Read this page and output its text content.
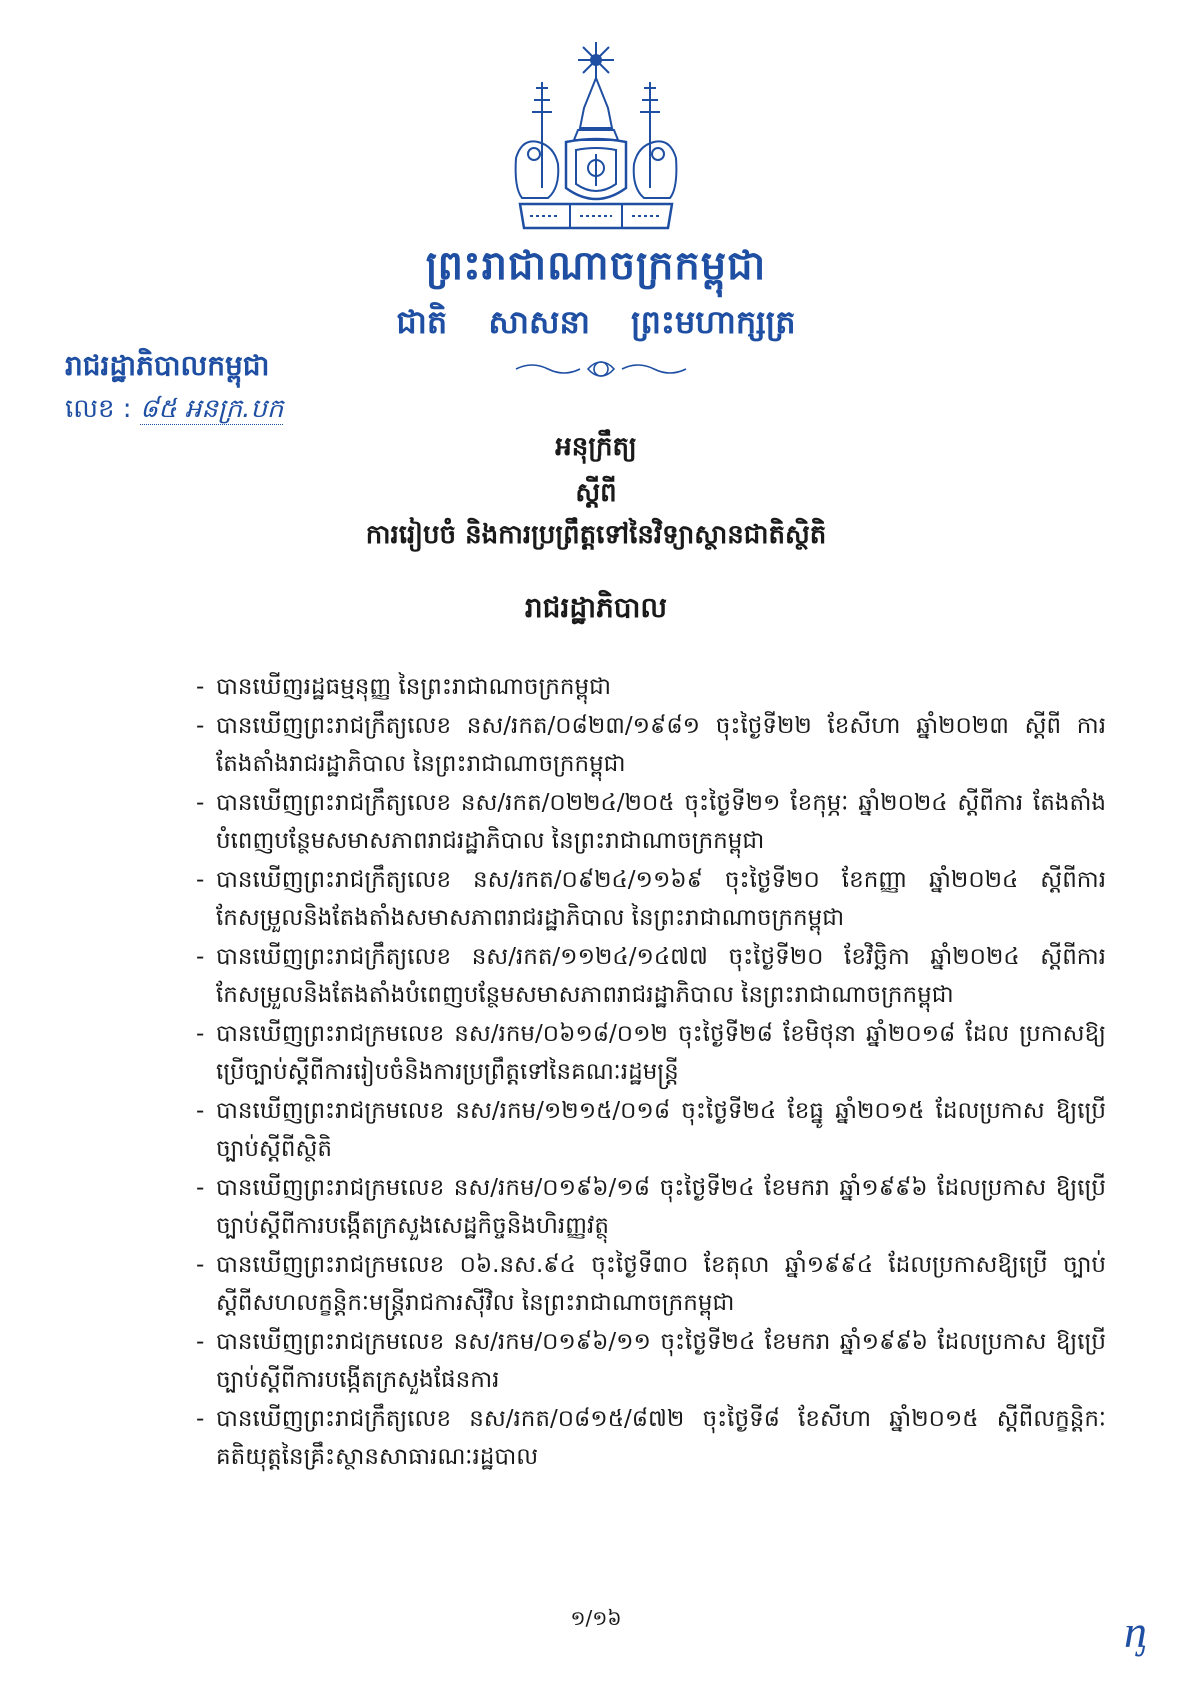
ព្រះរាជាណាចក្រកម្ពុជា
ជាតិ សាសនា ព្រះមហាក្សត្រ
រាជរដ្ឋាភិបាលកម្ពុជា
លេខ : ៨៥ អនក្រ.បក
អនុក្រឹត្យ
ស្តីពី
ការរៀបចំ និងការប្រព្រឹត្តទៅនៃវិទ្យាស្ថានជាតិស្ថិតិ
រាជរដ្ឋាភិបាល
- បានឃើញរដ្ឋធម្មនុញ្ញ នៃព្រះរាជាណាចក្រកម្ពុជា
- បានឃើញព្រះរាជក្រឹត្យលេខ នស/រកត/០៨២៣/១៩៨១ ចុះថ្ងៃទី២២ ខែសីហា ឆ្នាំ២០២៣ ស្តីពី ការតែងតាំងរាជរដ្ឋាភិបាល នៃព្រះរាជាណាចក្រកម្ពុជា
- បានឃើញព្រះរាជក្រឹត្យលេខ នស/រកត/០២២៤/២០៥ ចុះថ្ងៃទី២១ ខែកុម្ភៈ ឆ្នាំ២០២៤ ស្តីពីការ តែងតាំងបំពេញបន្ថែមសមាសភាពរាជរដ្ឋាភិបាល នៃព្រះរាជាណាចក្រកម្ពុជា
- បានឃើញព្រះរាជក្រឹត្យលេខ នស/រកត/០៩២៤/១១៦៩ ចុះថ្ងៃទី២០ ខែកញ្ញា ឆ្នាំ២០២៤ ស្តីពីការ កែសម្រួលនិងតែងតាំងសមាសភាពរាជរដ្ឋាភិបាល នៃព្រះរាជាណាចក្រកម្ពុជា
- បានឃើញព្រះរាជក្រឹត្យលេខ នស/រកត/១១២៤/១៤៧៧ ចុះថ្ងៃទី២០ ខែវិច្ឆិកា ឆ្នាំ២០២៤ ស្តីពីការ កែសម្រួលនិងតែងតាំងបំពេញបន្ថែមសមាសភាពរាជរដ្ឋាភិបាល នៃព្រះរាជាណាចក្រកម្ពុជា
- បានឃើញព្រះរាជក្រមលេខ នស/រកម/០៦១៨/០១២ ចុះថ្ងៃទី២៨ ខែមិថុនា ឆ្នាំ២០១៨ ដែល ប្រកាសឱ្យប្រើច្បាប់ស្តីពីការរៀបចំនិងការប្រព្រឹត្តទៅនៃគណៈរដ្ឋមន្ត្រី
- បានឃើញព្រះរាជក្រមលេខ នស/រកម/១២១៥/០១៨ ចុះថ្ងៃទី២៤ ខែធ្នូ ឆ្នាំ២០១៥ ដែលប្រកាស ឱ្យប្រើច្បាប់ស្តីពីស្ថិតិ
- បានឃើញព្រះរាជក្រមលេខ នស/រកម/០១៩៦/១៨ ចុះថ្ងៃទី២៤ ខែមករា ឆ្នាំ១៩៩៦ ដែលប្រកាស ឱ្យប្រើច្បាប់ស្តីពីការបង្កើតក្រសួងសេដ្ឋកិច្ចនិងហិរញ្ញវត្ថុ
- បានឃើញព្រះរាជក្រមលេខ ០៦.នស.៩៤ ចុះថ្ងៃទី៣០ ខែតុលា ឆ្នាំ១៩៩៤ ដែលប្រកាសឱ្យប្រើ ច្បាប់ស្តីពីសហលក្ខន្តិកៈមន្ត្រីរាជការស៊ីវិល នៃព្រះរាជាណាចក្រកម្ពុជា
- បានឃើញព្រះរាជក្រមលេខ នស/រកម/០១៩៦/១១ ចុះថ្ងៃទី២៤ ខែមករា ឆ្នាំ១៩៩៦ ដែលប្រកាស ឱ្យប្រើច្បាប់ស្តីពីការបង្កើតក្រសួងផែនការ
- បានឃើញព្រះរាជក្រឹត្យលេខ នស/រកត/០៨១៥/៨៧២ ចុះថ្ងៃទី៨ ខែសីហា ឆ្នាំ២០១៥ ស្តីពីលក្ខន្តិកៈ គតិយុត្តនៃគ្រឹះស្ថានសាធារណៈរដ្ឋបាល
១/១៦	ᶇ
